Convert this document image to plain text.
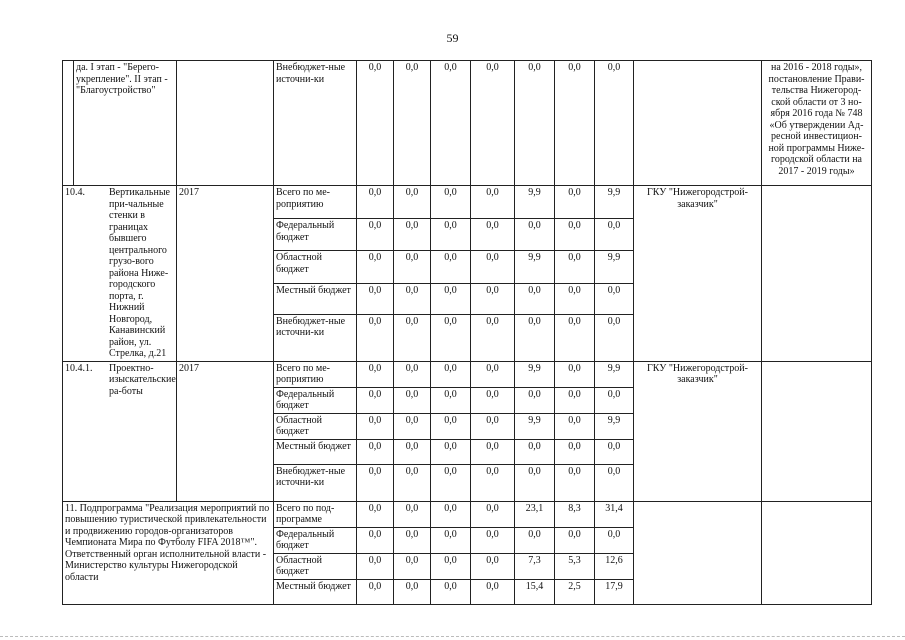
59
	да. I этап - "Берего-укрепление". II этап - "Благоустройство"		Внебюджет-ные источни-ки	0,0	0,0	0,0	0,0	0,0	0,0	0,0		на 2016 - 2018 годы», постановление Прави-тельства Нижегород-ской области от 3 но-ября 2016 года № 748 «Об утверждении Ад-ресной инвестицион-ной программы Ниже-городской области на 2017 - 2019 годы»

10.4. Вертикальные при-чальные стенки в границах бывшего центрального грузо-вого района Ниже-городского порта, г. Нижний Новгород, Канавинский район, ул. Стрелка, д.21		2017	Всего по ме-роприятию	0,0	0,0	0,0	0,0	9,9	0,0	9,9	ГКУ "Нижегородстрой-заказчик"	
			Федеральный бюджет	0,0	0,0	0,0	0,0	0,0	0,0	0,0		
			Областной бюджет	0,0	0,0	0,0	0,0	9,9	0,0	9,9		
			Местный бюджет	0,0	0,0	0,0	0,0	0,0	0,0	0,0		
			Внебюджет-ные источни-ки	0,0	0,0	0,0	0,0	0,0	0,0	0,0		

10.4.1. Проектно-изыскательские ра-боты		2017	Всего по ме-роприятию	0,0	0,0	0,0	0,0	9,9	0,0	9,9	ГКУ "Нижегородстрой-заказчик"	
			Федеральный бюджет	0,0	0,0	0,0	0,0	0,0	0,0	0,0		
			Областной бюджет	0,0	0,0	0,0	0,0	9,9	0,0	9,9		
			Местный бюджет	0,0	0,0	0,0	0,0	0,0	0,0	0,0		
			Внебюджет-ные источни-ки	0,0	0,0	0,0	0,0	0,0	0,0	0,0		
11. Подпрограмма "Реализация мероприятий по повышению туристической привлекательности и продвижению городов-организаторов Чемпионата Мира по Футболу FIFA 2018™". Ответственный орган исполнительной власти - Министерство культуры Нижегородской области			Всего по под-программе	0,0	0,0	0,0	0,0	23,1	8,3	31,4		
			Федеральный бюджет	0,0	0,0	0,0	0,0	0,0	0,0	0,0		
			Областной бюджет	0,0	0,0	0,0	0,0	7,3	5,3	12,6		
			Местный бюджет	0,0	0,0	0,0	0,0	15,4	2,5	17,9		
